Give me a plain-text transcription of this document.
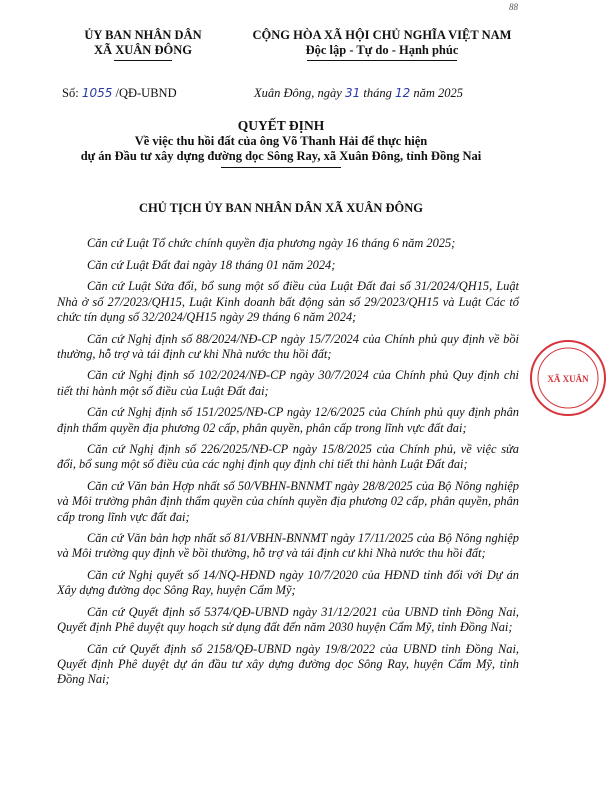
88
ỦY BAN NHÂN DÂN
XÃ XUÂN ĐÔNG
CỘNG HÒA XÃ HỘI CHỦ NGHĨA VIỆT NAM
Độc lập - Tự do - Hạnh phúc
Số: 1055 /QĐ-UBND	Xuân Đông, ngày 31 tháng 12 năm 2025
QUYẾT ĐỊNH
Về việc thu hồi đất của ông Võ Thanh Hải để thực hiện
dự án Đầu tư xây dựng đường dọc Sông Ray, xã Xuân Đông, tỉnh Đồng Nai
CHỦ TỊCH ỦY BAN NHÂN DÂN XÃ XUÂN ĐÔNG

Căn cứ Luật Tổ chức chính quyền địa phương ngày 16 tháng 6 năm 2025;

Căn cứ Luật Đất đai ngày 18 tháng 01 năm 2024;

Căn cứ Luật Sửa đổi, bổ sung một số điều của Luật Đất đai số 31/2024/QH15, Luật Nhà ở số 27/2023/QH15, Luật Kinh doanh bất động sản số 29/2023/QH15 và Luật Các tổ chức tín dụng số 32/2024/QH15 ngày 29 tháng 6 năm 2024;

Căn cứ Nghị định số 88/2024/NĐ-CP ngày 15/7/2024 của Chính phủ quy định về bồi thường, hỗ trợ và tái định cư khi Nhà nước thu hồi đất;

Căn cứ Nghị định số 102/2024/NĐ-CP ngày 30/7/2024 của Chính phủ Quy định chi tiết thi hành một số điều của Luật Đất đai;

Căn cứ Nghị định số 151/2025/NĐ-CP ngày 12/6/2025 của Chính phủ quy định phân định thẩm quyền địa phương 02 cấp, phân quyền, phân cấp trong lĩnh vực đất đai;

Căn cứ Nghị định số 226/2025/NĐ-CP ngày 15/8/2025 của Chính phủ, về việc sửa đổi, bổ sung một số điều của các nghị định quy định chi tiết thi hành Luật Đất đai;

Căn cứ Văn bản Hợp nhất số 50/VBHN-BNNMT ngày 28/8/2025 của Bộ Nông nghiệp và Môi trường phân định thẩm quyền của chính quyền địa phương 02 cấp, phân quyền, phân cấp trong lĩnh vực đất đai;

Căn cứ Văn bản hợp nhất số 81/VBHN-BNNMT ngày 17/11/2025 của Bộ Nông nghiệp và Môi trường quy định về bồi thường, hỗ trợ và tái định cư khi Nhà nước thu hồi đất;

Căn cứ Nghị quyết số 14/NQ-HĐND ngày 10/7/2020 của HĐND tỉnh đối với Dự án Xây dựng đường dọc Sông Ray, huyện Cẩm Mỹ;

Căn cứ Quyết định số 5374/QĐ-UBND ngày 31/12/2021 của UBND tỉnh Đồng Nai, Quyết định Phê duyệt quy hoạch sử dụng đất đến năm 2030 huyện Cẩm Mỹ, tỉnh Đồng Nai;

Căn cứ Quyết định số 2158/QĐ-UBND ngày 19/8/2022 của UBND tỉnh Đồng Nai, Quyết định Phê duyệt dự án đầu tư xây dựng đường dọc Sông Ray, huyện Cẩm Mỹ, tỉnh Đồng Nai;

XÃ XUÂN
